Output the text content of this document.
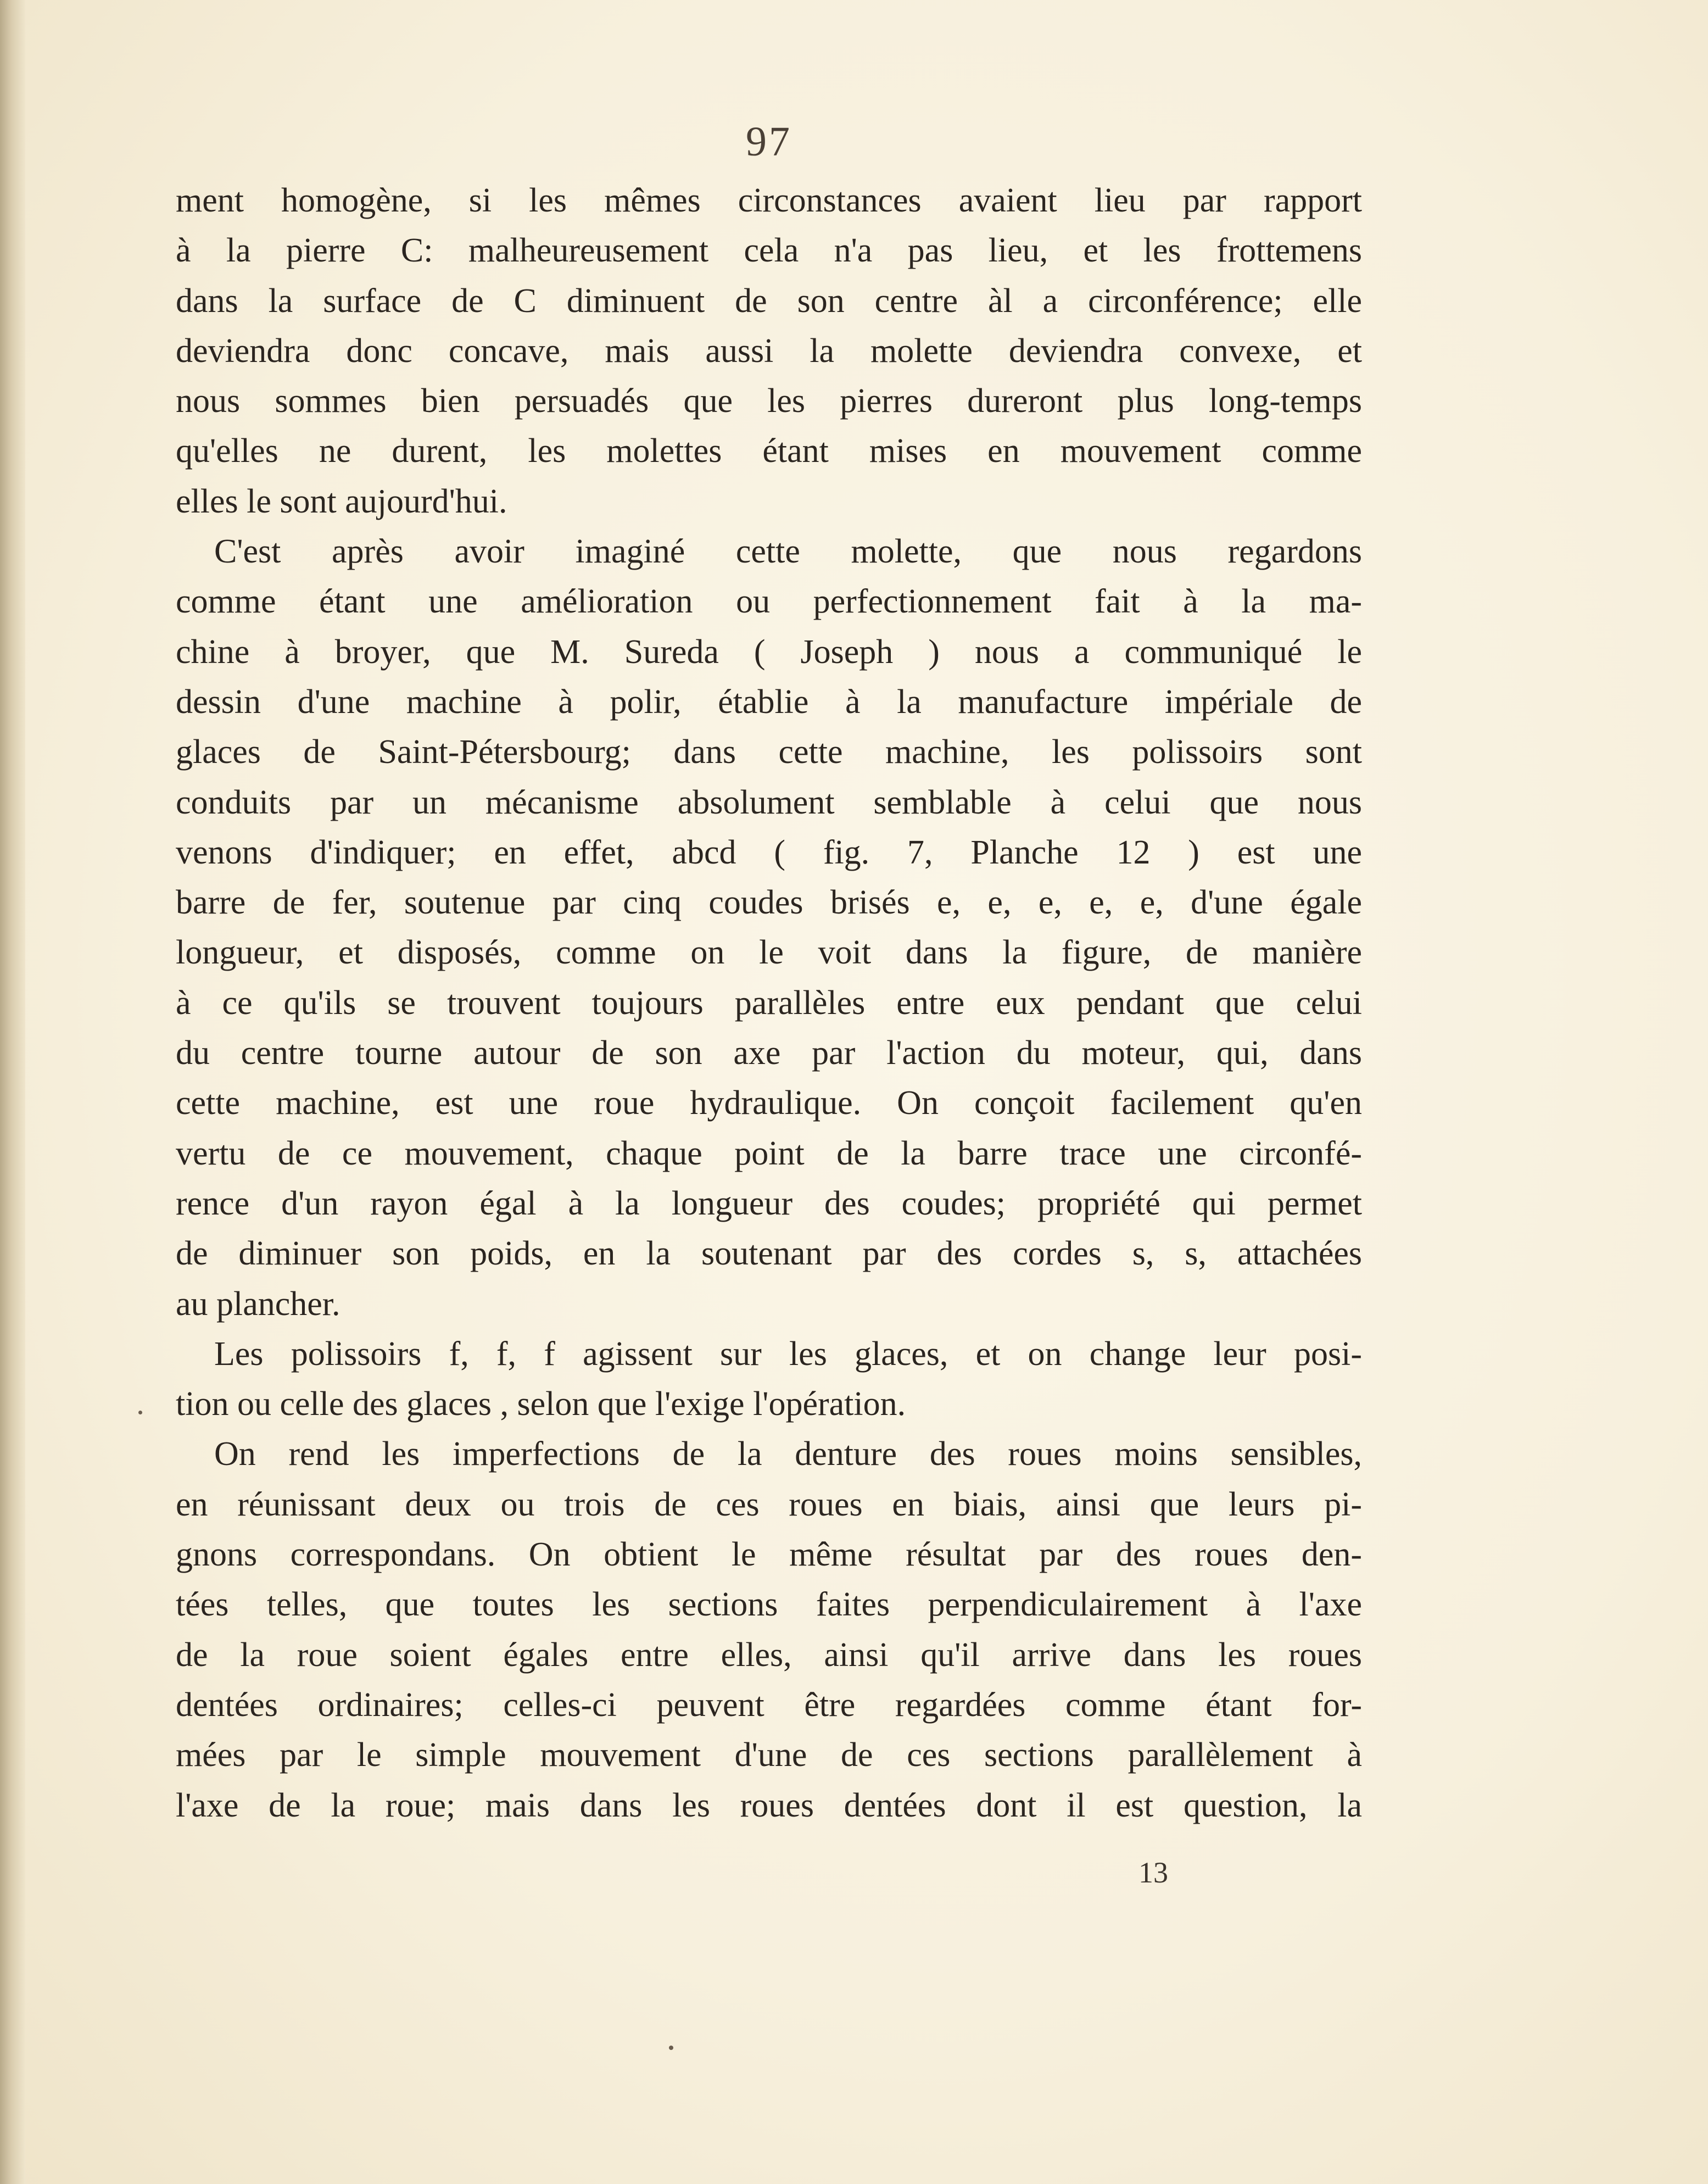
97

ment homogène, si les mêmes circonstances avaient lieu par rapport
à la pierre C: malheureusement cela n'a pas lieu, et les frottemens
dans la surface de C diminuent de son centre àl a circonférence; elle
deviendra donc concave, mais aussi la molette deviendra convexe, et
nous sommes bien persuadés que les pierres dureront plus long-temps
qu'elles ne durent, les molettes étant mises en mouvement comme
elles le sont aujourd'hui.

C'est après avoir imaginé cette molette, que nous regardons
comme étant une amélioration ou perfectionnement fait à la ma-
chine à broyer, que M. Sureda ( Joseph ) nous a communiqué le
dessin d'une machine à polir, établie à la manufacture impériale de
glaces de Saint-Pétersbourg; dans cette machine, les polissoirs sont
conduits par un mécanisme absolument semblable à celui que nous
venons d'indiquer; en effet, abcd ( fig. 7, Planche 12 ) est une
barre de fer, soutenue par cinq coudes brisés e, e, e, e, e, d'une égale
longueur, et disposés, comme on le voit dans la figure, de manière
à ce qu'ils se trouvent toujours parallèles entre eux pendant que celui
du centre tourne autour de son axe par l'action du moteur, qui, dans
cette machine, est une roue hydraulique. On conçoit facilement qu'en
vertu de ce mouvement, chaque point de la barre trace une circonfé-
rence d'un rayon égal à la longueur des coudes; propriété qui permet
de diminuer son poids, en la soutenant par des cordes s, s, attachées
au plancher.

Les polissoirs f, f, f agissent sur les glaces, et on change leur posi-
tion ou celle des glaces , selon que l'exige l'opération.

On rend les imperfections de la denture des roues moins sensibles,
en réunissant deux ou trois de ces roues en biais, ainsi que leurs pi-
gnons correspondans. On obtient le même résultat par des roues den-
tées telles, que toutes les sections faites perpendiculairement à l'axe
de la roue soient égales entre elles, ainsi qu'il arrive dans les roues
dentées ordinaires; celles-ci peuvent être regardées comme étant for-
mées par le simple mouvement d'une de ces sections parallèlement à
l'axe de la roue; mais dans les roues dentées dont il est question, la

13
